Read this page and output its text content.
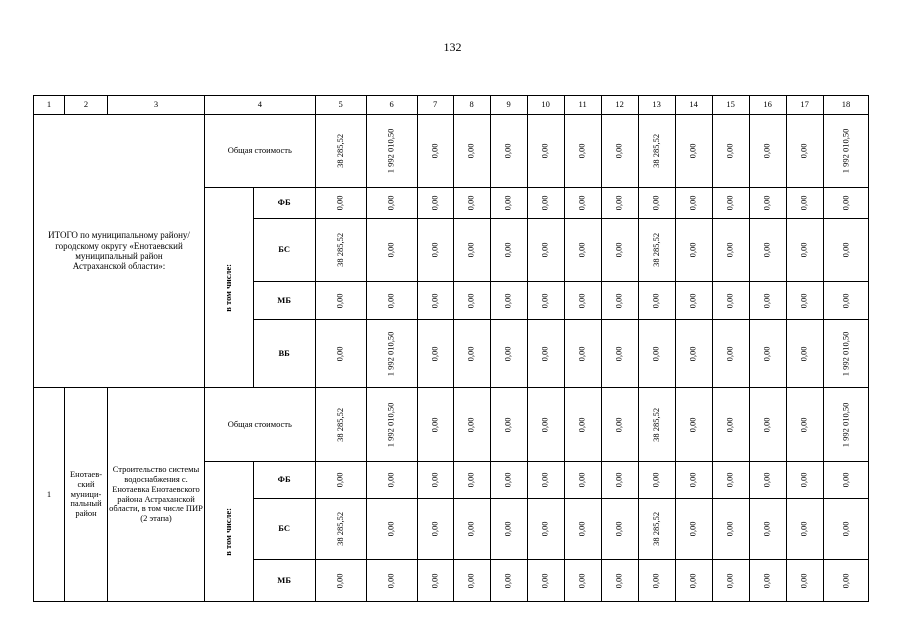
132
1	2	3	4		5	6	7	8	9	10	11	12	13	14	15	16	17	18
ИТОГО по муниципальному району/ городскому округу «Енотаевский муниципальный район Астраханской области»:			Общая стоимость		38 285,52	1 992 010,50	0,00	0,00	0,00	0,00	0,00	0,00	38 285,52	0,00	0,00	0,00	0,00	1 992 010,50
			в том числе:	ФБ	0,00	0,00	0,00	0,00	0,00	0,00	0,00	0,00	0,00	0,00	0,00	0,00	0,00	0,00
				БС	38 285,52	0,00	0,00	0,00	0,00	0,00	0,00	0,00	38 285,52	0,00	0,00	0,00	0,00	0,00
				МБ	0,00	0,00	0,00	0,00	0,00	0,00	0,00	0,00	0,00	0,00	0,00	0,00	0,00	0,00
				ВБ	0,00	1 992 010,50	0,00	0,00	0,00	0,00	0,00	0,00	0,00	0,00	0,00	0,00	0,00	1 992 010,50
1	Енотаев-ский муници-пальный район	Строительство системы водоснабжения с. Енотаевка Енотаевского района Астраханской области, в том числе ПИР (2 этапа)	Общая стоимость		38 285,52	1 992 010,50	0,00	0,00	0,00	0,00	0,00	0,00	38 285,52	0,00	0,00	0,00	0,00	1 992 010,50
			в том числе:	ФБ	0,00	0,00	0,00	0,00	0,00	0,00	0,00	0,00	0,00	0,00	0,00	0,00	0,00	0,00
				БС	38 285,52	0,00	0,00	0,00	0,00	0,00	0,00	0,00	38 285,52	0,00	0,00	0,00	0,00	0,00
				МБ	0,00	0,00	0,00	0,00	0,00	0,00	0,00	0,00	0,00	0,00	0,00	0,00	0,00	0,00
